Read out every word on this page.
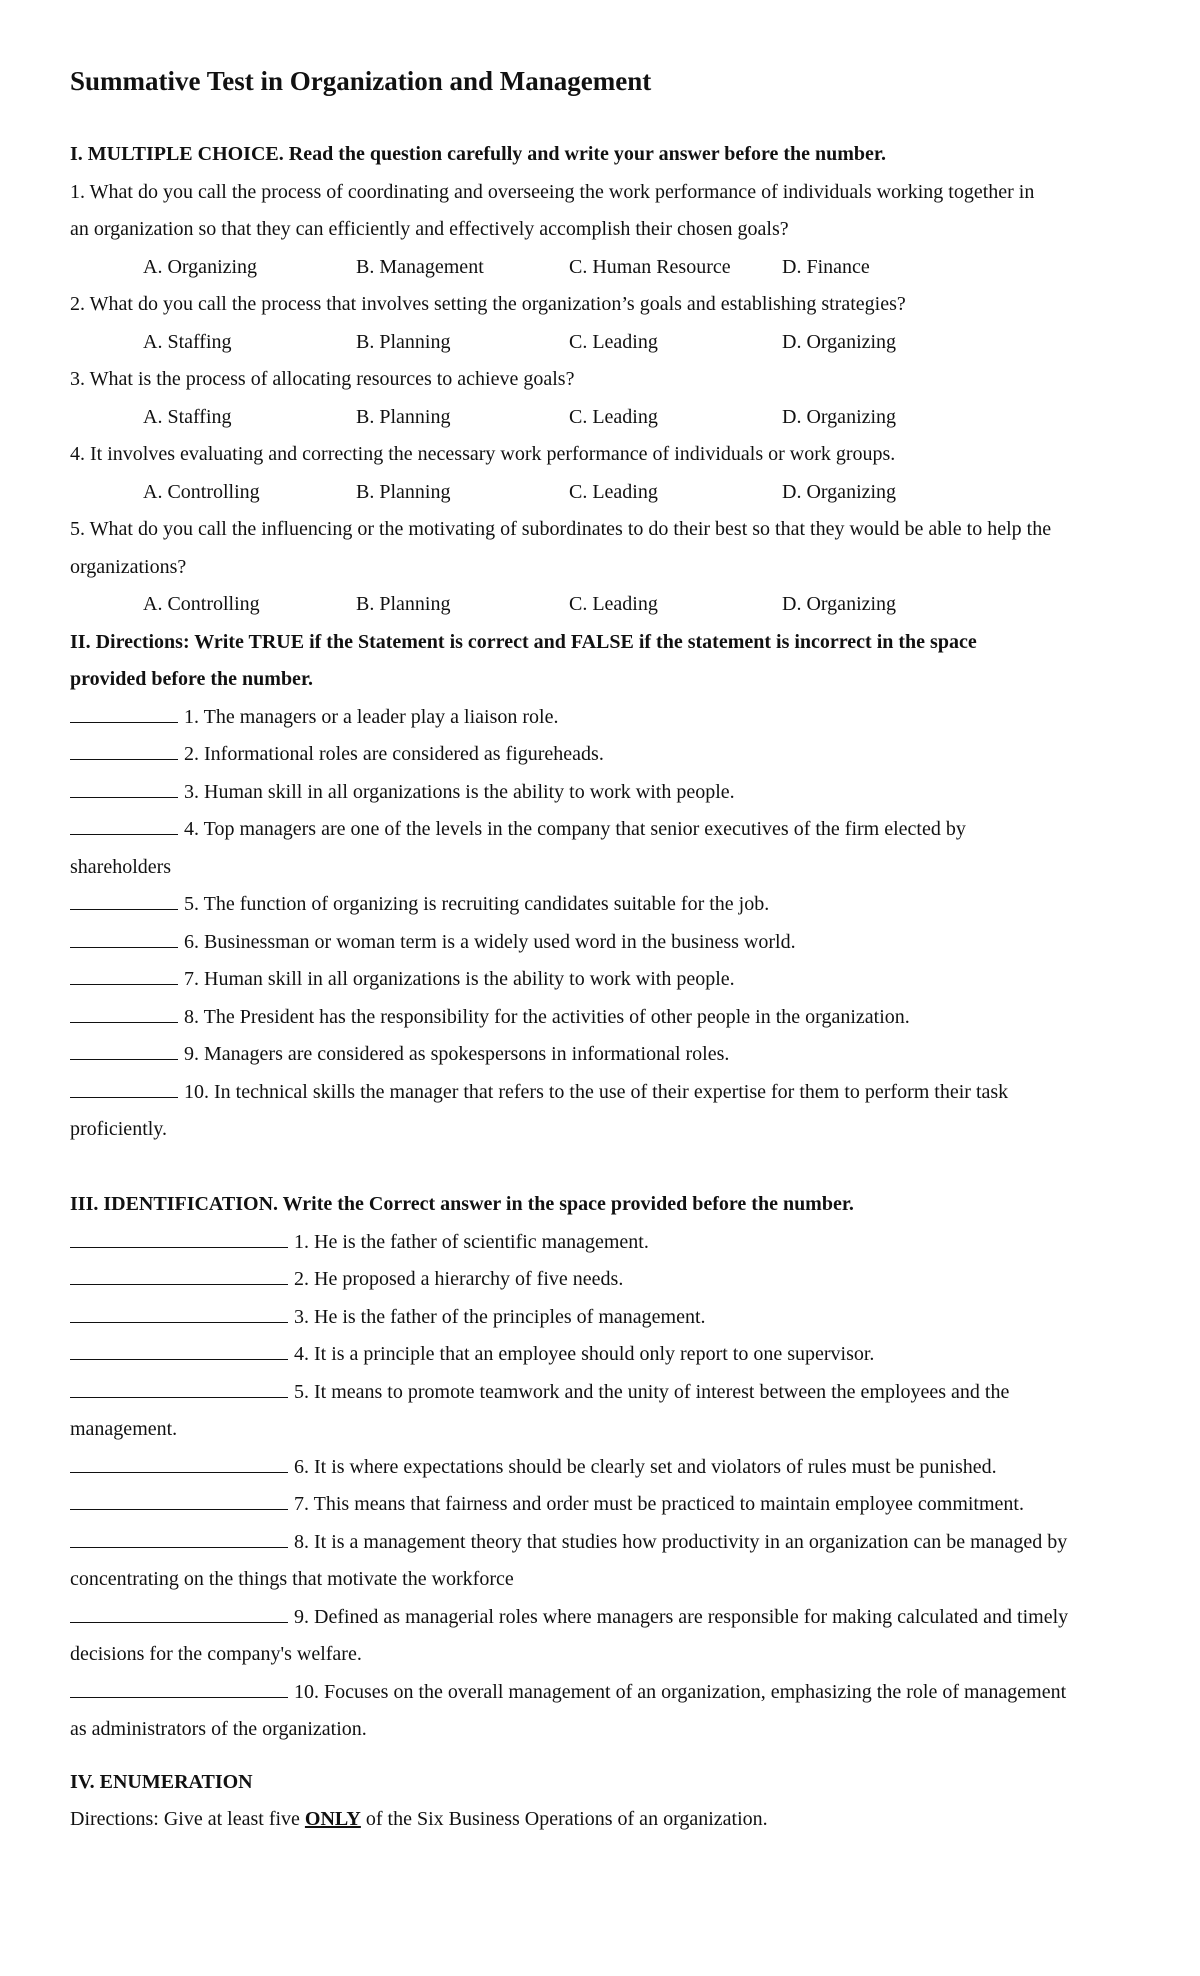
Summative Test in Organization and Management
I. MULTIPLE CHOICE. Read the question carefully and write your answer before the number.
1. What do you call the process of coordinating and overseeing the work performance of individuals working together in
an organization so that they can efficiently and effectively accomplish their chosen goals?
A. Organizing	B. Management	C. Human Resource	D. Finance
2. What do you call the process that involves setting the organization’s goals and establishing strategies?
A. Staffing	B. Planning	C. Leading	D. Organizing
3. What is the process of allocating resources to achieve goals?
A. Staffing	B. Planning	C. Leading	D. Organizing
4. It involves evaluating and correcting the necessary work performance of individuals or work groups.
A. Controlling	B. Planning	C. Leading	D. Organizing
5. What do you call the influencing or the motivating of subordinates to do their best so that they would be able to help the
organizations?
A. Controlling	B. Planning	C. Leading	D. Organizing
II. Directions: Write TRUE if the Statement is correct and FALSE if the statement is incorrect in the space
provided before the number.
1. The managers or a leader play a liaison role.
2. Informational roles are considered as figureheads.
3. Human skill in all organizations is the ability to work with people.
4. Top managers are one of the levels in the company that senior executives of the firm elected by
shareholders
5. The function of organizing is recruiting candidates suitable for the job.
6. Businessman or woman term is a widely used word in the business world.
7. Human skill in all organizations is the ability to work with people.
8. The President has the responsibility for the activities of other people in the organization.
9. Managers are considered as spokespersons in informational roles.
10. In technical skills the manager that refers to the use of their expertise for them to perform their task
proficiently.
III. IDENTIFICATION. Write the Correct answer in the space provided before the number.
1. He is the father of scientific management.
2. He proposed a hierarchy of five needs.
3. He is the father of the principles of management.
4. It is a principle that an employee should only report to one supervisor.
5. It means to promote teamwork and the unity of interest between the employees and the
management.
6. It is where expectations should be clearly set and violators of rules must be punished.
7. This means that fairness and order must be practiced to maintain employee commitment.
8. It is a management theory that studies how productivity in an organization can be managed by
concentrating on the things that motivate the workforce
9. Defined as managerial roles where managers are responsible for making calculated and timely
decisions for the company's welfare.
10. Focuses on the overall management of an organization, emphasizing the role of management
as administrators of the organization.
IV. ENUMERATION
Directions: Give at least five ONLY of the Six Business Operations of an organization.
